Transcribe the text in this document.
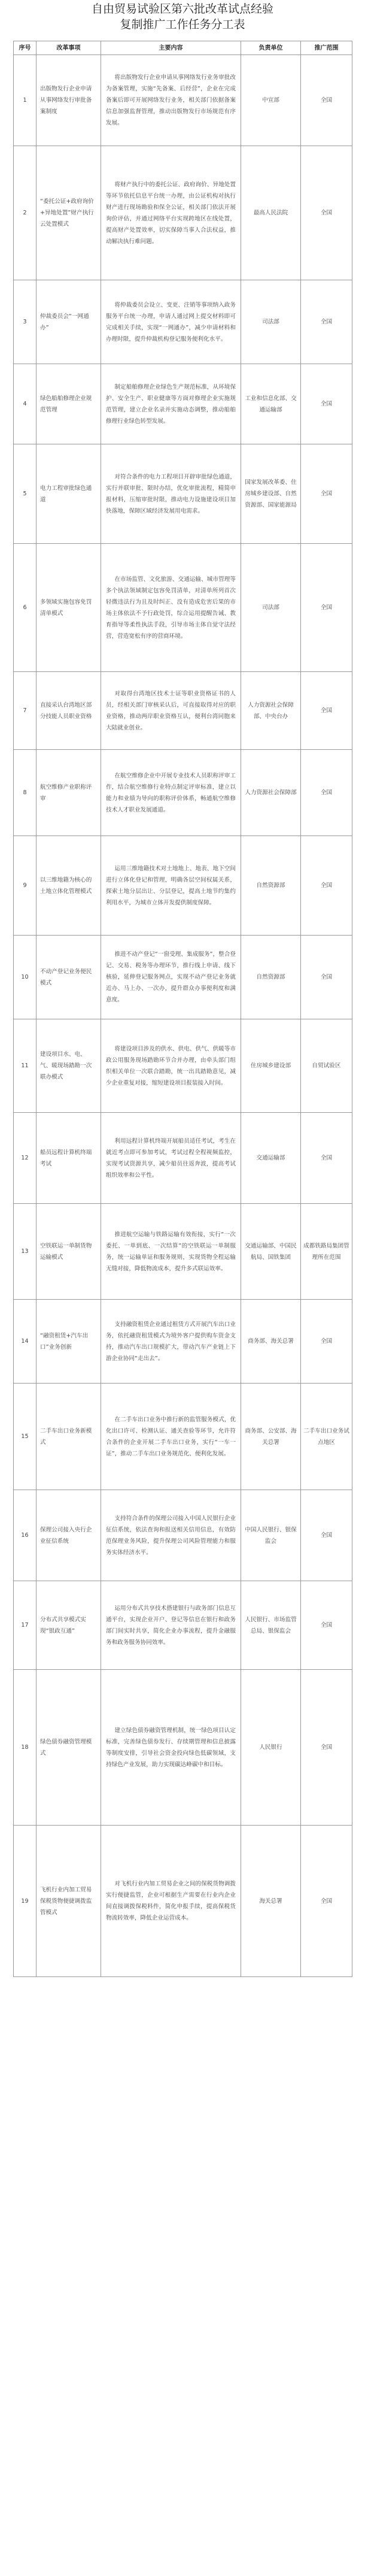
自由贸易试验区第六批改革试点经验
复制推广工作任务分工表
序号	改革事项	主要内容	负责单位	推广范围
1	出版物发行企业申请从事网络发行审批备案制度	将出版物发行企业申请从事网络发行业务审批改为备案管理，实施“先备案、后经营”，企业在完成备案后即可开展网络发行业务，相关部门依据备案信息加强监督管理，推动出版物发行市场规范有序发展。	中宣部	全国
2	“委托公证+政府询价+异地处置”财产执行云处置模式	将财产执行中的委托公证、政府询价、异地处置等环节依托信息平台统一办理，由公证机构对执行财产进行现场勘验和保全公证，相关部门依法开展询价评估，并通过网络平台实现跨地区在线处置，提高财产处置效率，切实保障当事人合法权益，推动解决执行难问题。	最高人民法院	全国
3	仲裁委员会“一网通办”	将仲裁委员会设立、变更、注销等事项纳入政务服务平台统一办理，申请人通过网上提交材料即可完成相关手续，实现“一网通办”，减少申请材料和办理时限，提升仲裁机构登记服务便利化水平。	司法部	全国
4	绿色船舶修理企业规范管理	制定船舶修理企业绿色生产规范标准，从环境保护、安全生产、职业健康等方面对修理企业实施规范管理，建立企业名录并实施动态调整，推动船舶修理行业绿色转型发展。	工业和信息化部、交通运输部	全国
5	电力工程审批绿色通道	对符合条件的电力工程项目开辟审批绿色通道，实行并联审批、限时办结，优化审批流程，精简申报材料，压缩审批时限，推动电力设施建设项目加快落地，保障区域经济发展用电需求。	国家发展改革委、住房城乡建设部、自然资源部、国家能源局	全国
6	多领域实施包容免罚清单模式	在市场监管、文化旅游、交通运输、城市管理等多个执法领域制定包容免罚清单，对清单所列首次轻微违法行为且及时纠正、没有造成危害后果的市场主体依法不予行政处罚，综合运用提醒告诫、教育指导等柔性执法手段，引导市场主体自觉守法经营，营造宽松有序的营商环境。	司法部	全国
7	直接采认台湾地区部分技能人员职业资格	对取得台湾地区技术士证等职业资格证书的人员，经相关部门审核采认后，可直接取得对应的职业资格，推动两岸职业资格互认，便利台湾同胞来大陆就业创业。	人力资源社会保障部、中央台办	全国
8	航空维修产业职称评审	在航空维修企业中开展专业技术人员职称评审工作，结合航空维修行业特点制定评审标准，建立以能力和业绩为导向的职称评价体系，畅通航空维修技术人才职业发展通道。	人力资源社会保障部	全国
9	以三维地籍为核心的土地立体化管理模式	运用三维地籍技术对土地地上、地表、地下空间进行立体化登记和管理，明确各层空间权属关系，探索土地分层出让、分层登记，提高土地节约集约利用水平，为城市立体开发提供制度保障。	自然资源部	全国
10	不动产登记业务便民模式	推进不动产登记“一窗受理、集成服务”，整合登记、交易、税务等办理环节，推行线上申请、线下核验，延伸登记服务网点，实现不动产登记业务就近办、马上办、一次办，提升群众办事便利度和满意度。	自然资源部	全国
11	建设项目水、电、气、暖现场踏勘一次联办模式	将建设项目涉及的供水、供电、供气、供暖等市政公用服务现场踏勘环节合并办理，由牵头部门组织相关单位一次联合踏勘，统一出具踏勘意见，减少企业重复对接，缩短建设项目报装接入时间。	住房城乡建设部	自贸试验区
12	船员远程计算机终端考试	利用远程计算机终端开展船员适任考试，考生在就近考点即可参加考试，考试过程全程视频监控，实现考试资源共享，减少船员往返奔波，提高考试组织效率和公平性。	交通运输部	全国
13	空铁联运一单制货物运输模式	推进航空运输与铁路运输有效衔接，实行“一次委托、一单到底、一次结算”的空铁联运一单制服务，统一运输单证和服务规则，实现货物全程运输无缝对接，降低物流成本，提升多式联运效率。	交通运输部、中国民航局、国铁集团	成都铁路局集团管理所在范围
14	“融资租赁+汽车出口”业务创新	支持融资租赁企业通过租赁方式开展汽车出口业务，依托融资租赁模式为境外客户提供购车资金支持，推动汽车出口规模扩大，带动汽车产业链上下游企业协同“走出去”。	商务部、海关总署	全国
15	二手车出口业务新模式	在二手车出口业务中推行新的监管服务模式，优化出口许可、检测认证、通关查验等环节，允许符合条件的企业开展二手车出口业务，实行“一车一证”，推动二手车出口业务规范化、便利化发展。	商务部、公安部、海关总署	二手车出口业务试点地区
16	保理公司接入央行企业征信系统	支持符合条件的保理公司接入中国人民银行企业征信系统，依法查询和报送相关信用信息，有效防范保理业务风险，提升保理公司风险管理能力和服务实体经济水平。	中国人民银行、银保监会	全国
17	分布式共享模式实现“银政互通”	运用分布式共享技术搭建银行与政务部门信息互通平台，实现企业开户、登记等信息在银行和政务部门间实时共享，简化企业办事流程，提升金融服务和政务服务协同效率。	人民银行、市场监管总局、银保监会	全国
18	绿色债券融资管理模式	建立绿色债券融资管理机制，统一绿色项目认定标准，完善绿色债券发行、存续期管理和信息披露等制度安排，引导社会资金投向绿色低碳领域，支持绿色产业发展，助力实现碳达峰碳中和目标。	人民银行	全国
19	飞机行业内加工贸易保税货物便捷调拨监管模式	对飞机行业内加工贸易企业之间的保税货物调拨实行便捷监管，企业可根据生产需要在行业内企业间直接调拨保税料件，简化申报手续，提高保税货物流转效率，降低企业运营成本。	海关总署	全国
